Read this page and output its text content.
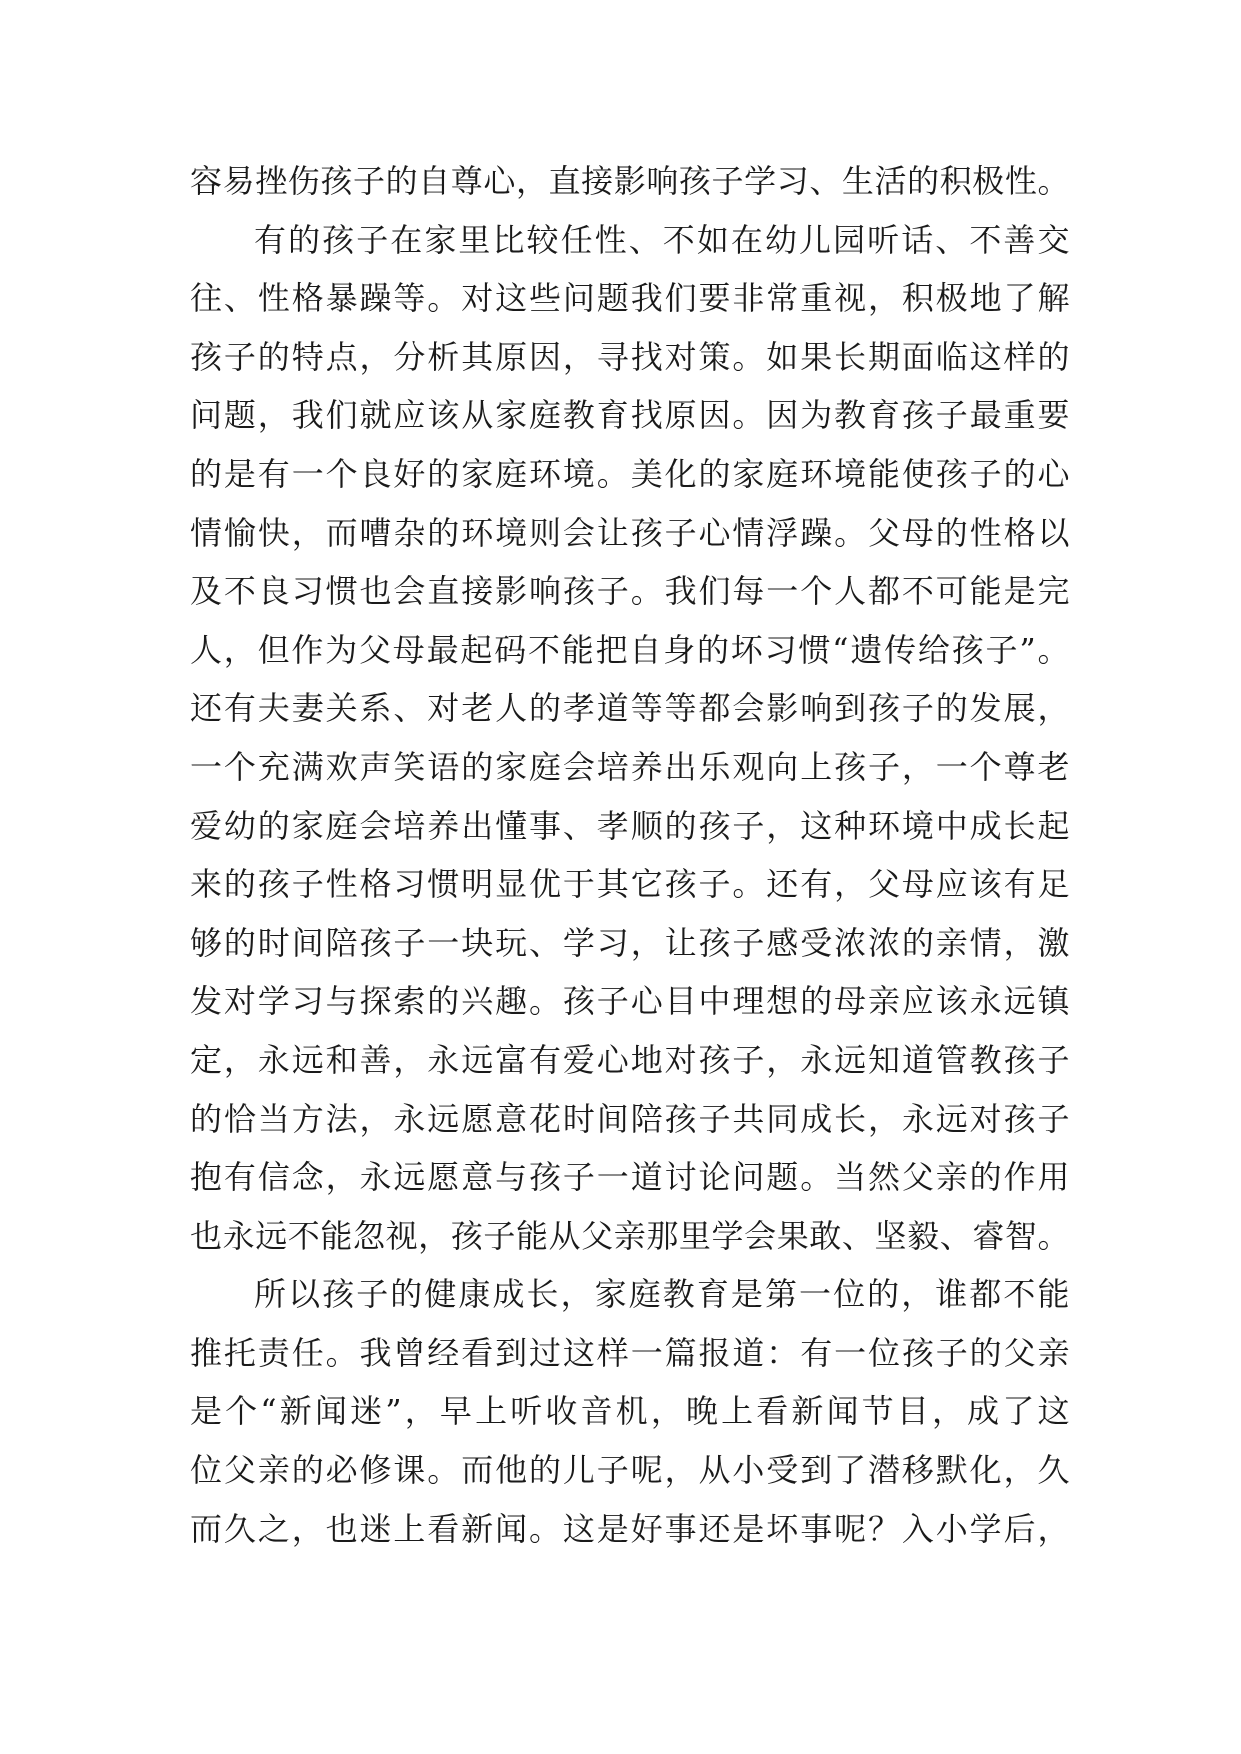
容易挫伤孩子的自尊心，直接影响孩子学习、生活的积极性。
有的孩子在家里比较任性、不如在幼儿园听话、不善交
往、性格暴躁等。对这些问题我们要非常重视，积极地了解
孩子的特点，分析其原因，寻找对策。如果长期面临这样的
问题，我们就应该从家庭教育找原因。因为教育孩子最重要
的是有一个良好的家庭环境。美化的家庭环境能使孩子的心
情愉快，而嘈杂的环境则会让孩子心情浮躁。父母的性格以
及不良习惯也会直接影响孩子。我们每一个人都不可能是完
人，但作为父母最起码不能把自身的坏习惯“遗传给孩子”。
还有夫妻关系、对老人的孝道等等都会影响到孩子的发展，
一个充满欢声笑语的家庭会培养出乐观向上孩子，一个尊老
爱幼的家庭会培养出懂事、孝顺的孩子，这种环境中成长起
来的孩子性格习惯明显优于其它孩子。还有，父母应该有足
够的时间陪孩子一块玩、学习，让孩子感受浓浓的亲情，激
发对学习与探索的兴趣。孩子心目中理想的母亲应该永远镇
定，永远和善，永远富有爱心地对孩子，永远知道管教孩子
的恰当方法，永远愿意花时间陪孩子共同成长，永远对孩子
抱有信念，永远愿意与孩子一道讨论问题。当然父亲的作用
也永远不能忽视，孩子能从父亲那里学会果敢、坚毅、睿智。
所以孩子的健康成长，家庭教育是第一位的，谁都不能
推托责任。我曾经看到过这样一篇报道：有一位孩子的父亲
是个“新闻迷”，早上听收音机，晚上看新闻节目，成了这
位父亲的必修课。而他的儿子呢，从小受到了潜移默化，久
而久之，也迷上看新闻。这是好事还是坏事呢？入小学后，
